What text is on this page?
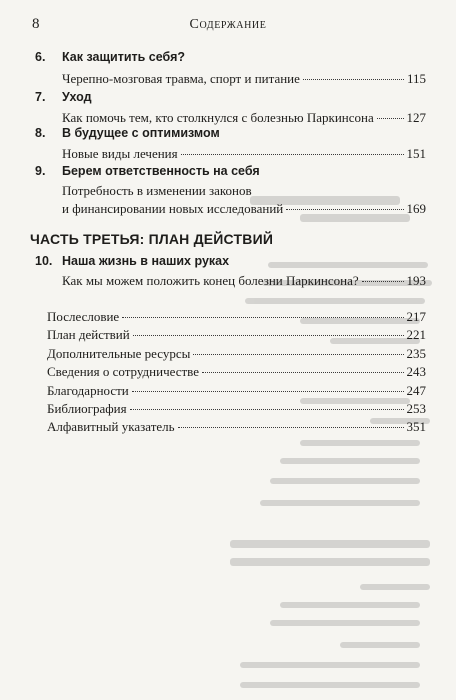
8	Содержание
6. Как защитить себя?
Черепно-мозговая травма, спорт и питание	115
7. Уход
Как помочь тем, кто столкнулся с болезнью Паркинсона	127
8. В будущее с оптимизмом
Новые виды лечения	151
9. Берем ответственность на себя
Потребность в изменении законов
и финансировании новых исследований	169
ЧАСТЬ ТРЕТЬЯ: ПЛАН ДЕЙСТВИЙ
10. Наша жизнь в наших руках
Как мы можем положить конец болезни Паркинсона?	193
Послесловие	217
План действий	221
Дополнительные ресурсы	235
Сведения о сотрудничестве	243
Благодарности	247
Библиография	253
Алфавитный указатель	351
